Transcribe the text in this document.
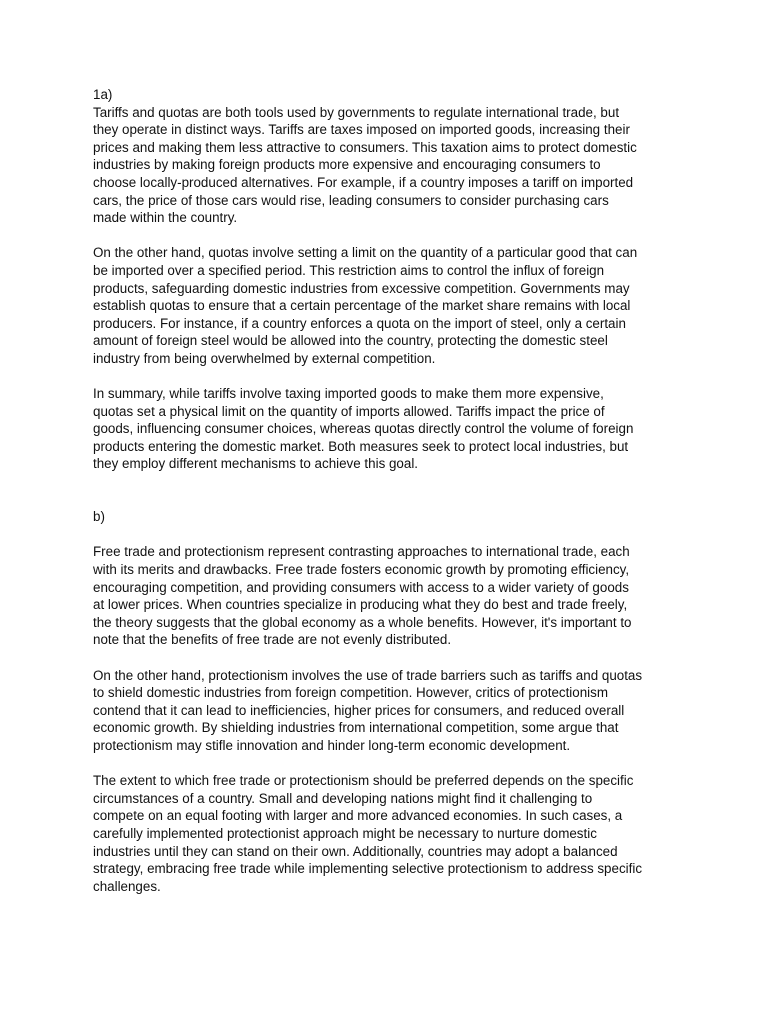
1a)
Tariffs and quotas are both tools used by governments to regulate international trade, but
they operate in distinct ways. Tariffs are taxes imposed on imported goods, increasing their
prices and making them less attractive to consumers. This taxation aims to protect domestic
industries by making foreign products more expensive and encouraging consumers to
choose locally-produced alternatives. For example, if a country imposes a tariff on imported
cars, the price of those cars would rise, leading consumers to consider purchasing cars
made within the country.
On the other hand, quotas involve setting a limit on the quantity of a particular good that can
be imported over a specified period. This restriction aims to control the influx of foreign
products, safeguarding domestic industries from excessive competition. Governments may
establish quotas to ensure that a certain percentage of the market share remains with local
producers. For instance, if a country enforces a quota on the import of steel, only a certain
amount of foreign steel would be allowed into the country, protecting the domestic steel
industry from being overwhelmed by external competition.
In summary, while tariffs involve taxing imported goods to make them more expensive,
quotas set a physical limit on the quantity of imports allowed. Tariffs impact the price of
goods, influencing consumer choices, whereas quotas directly control the volume of foreign
products entering the domestic market. Both measures seek to protect local industries, but
they employ different mechanisms to achieve this goal.
b)
Free trade and protectionism represent contrasting approaches to international trade, each
with its merits and drawbacks. Free trade fosters economic growth by promoting efficiency,
encouraging competition, and providing consumers with access to a wider variety of goods
at lower prices. When countries specialize in producing what they do best and trade freely,
the theory suggests that the global economy as a whole benefits. However, it's important to
note that the benefits of free trade are not evenly distributed.
On the other hand, protectionism involves the use of trade barriers such as tariffs and quotas
to shield domestic industries from foreign competition. However, critics of protectionism
contend that it can lead to inefficiencies, higher prices for consumers, and reduced overall
economic growth. By shielding industries from international competition, some argue that
protectionism may stifle innovation and hinder long-term economic development.
The extent to which free trade or protectionism should be preferred depends on the specific
circumstances of a country. Small and developing nations might find it challenging to
compete on an equal footing with larger and more advanced economies. In such cases, a
carefully implemented protectionist approach might be necessary to nurture domestic
industries until they can stand on their own. Additionally, countries may adopt a balanced
strategy, embracing free trade while implementing selective protectionism to address specific
challenges.
